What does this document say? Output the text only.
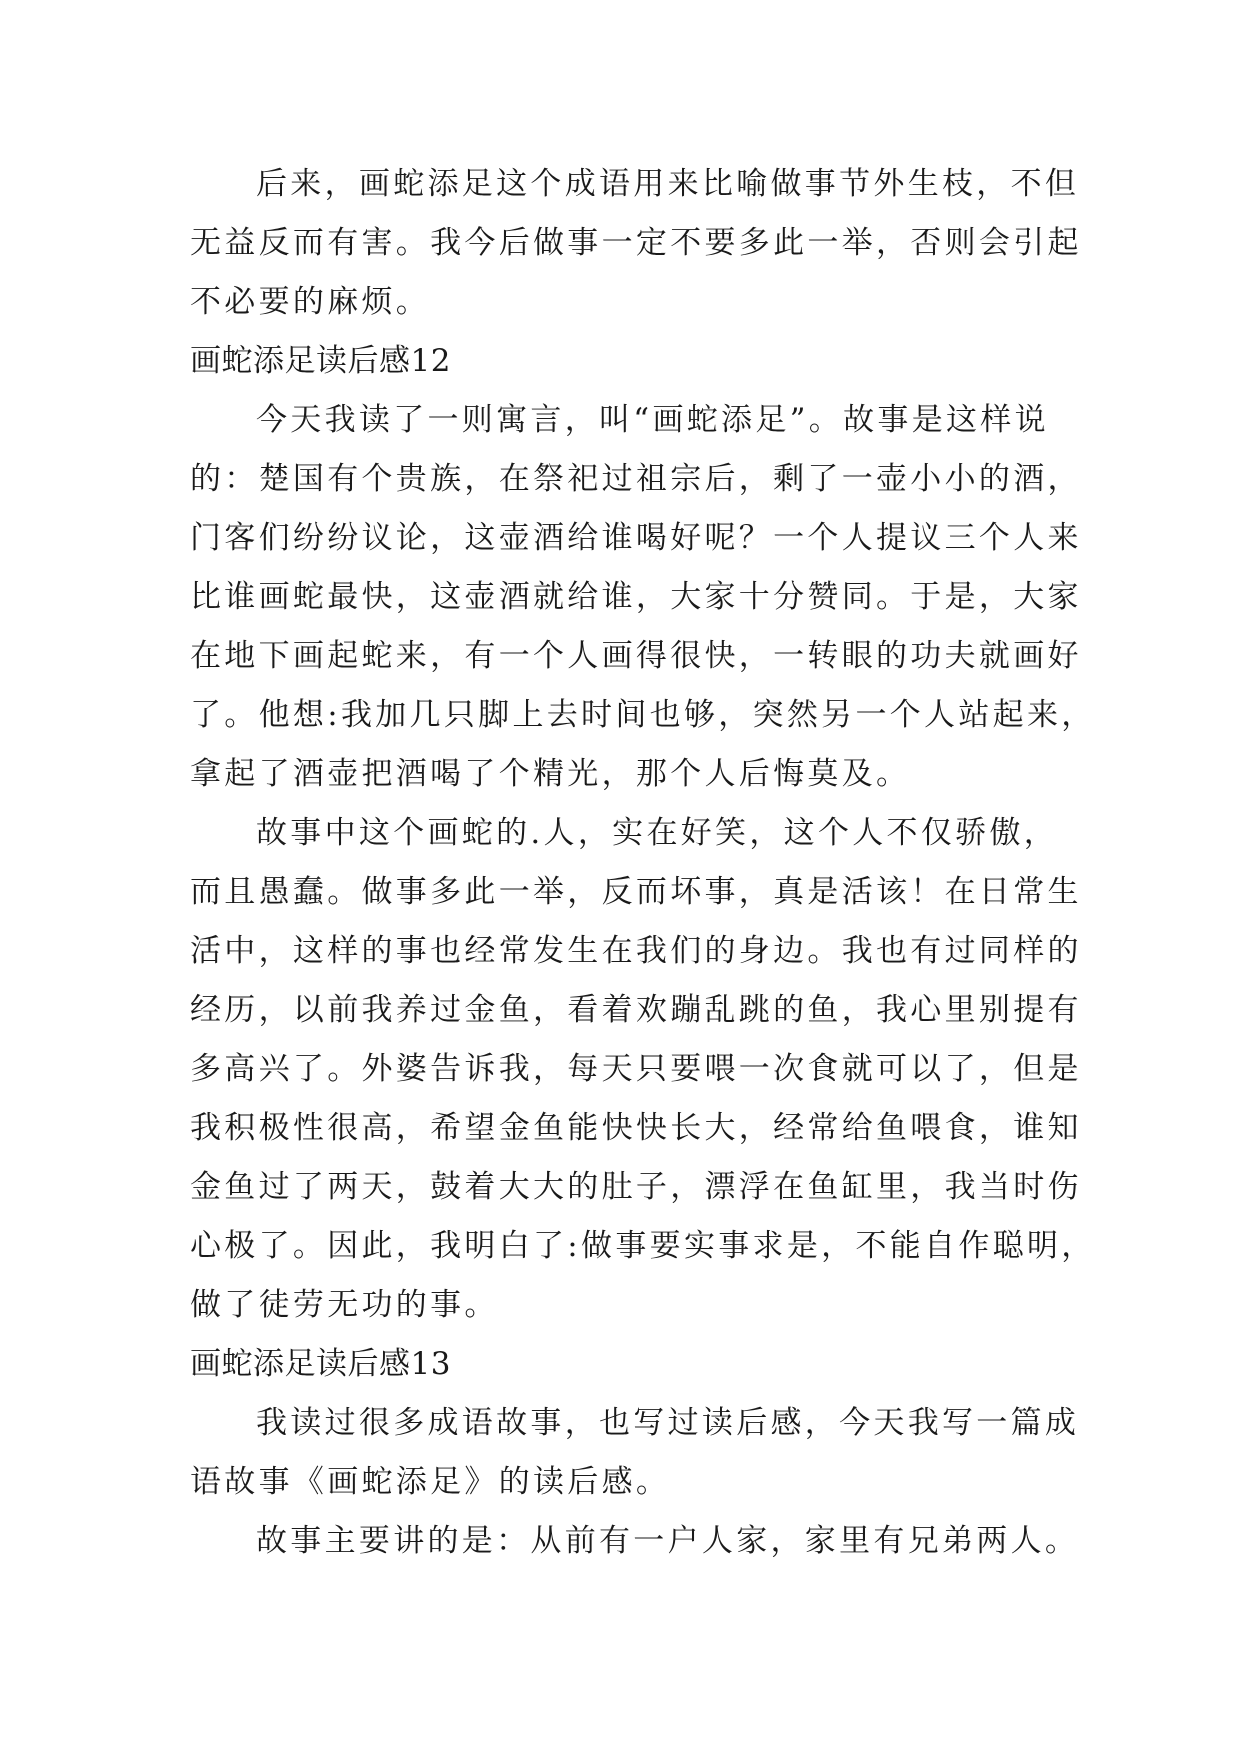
后来，画蛇添足这个成语用来比喻做事节外生枝，不但
无益反而有害。我今后做事一定不要多此一举，否则会引起
不必要的麻烦。
画蛇添足读后感12
今天我读了一则寓言，叫“画蛇添足”。故事是这样说
的：楚国有个贵族，在祭祀过祖宗后，剩了一壶小小的酒，
门客们纷纷议论，这壶酒给谁喝好呢？一个人提议三个人来
比谁画蛇最快，这壶酒就给谁，大家十分赞同。于是，大家
在地下画起蛇来，有一个人画得很快，一转眼的功夫就画好
了。他想:我加几只脚上去时间也够，突然另一个人站起来，
拿起了酒壶把酒喝了个精光，那个人后悔莫及。
故事中这个画蛇的.人，实在好笑，这个人不仅骄傲，
而且愚蠢。做事多此一举，反而坏事，真是活该！在日常生
活中，这样的事也经常发生在我们的身边。我也有过同样的
经历，以前我养过金鱼，看着欢蹦乱跳的鱼，我心里别提有
多高兴了。外婆告诉我，每天只要喂一次食就可以了，但是
我积极性很高，希望金鱼能快快长大，经常给鱼喂食，谁知
金鱼过了两天，鼓着大大的肚子，漂浮在鱼缸里，我当时伤
心极了。因此，我明白了:做事要实事求是，不能自作聪明，
做了徒劳无功的事。
画蛇添足读后感13
我读过很多成语故事，也写过读后感，今天我写一篇成
语故事《画蛇添足》的读后感。
故事主要讲的是：从前有一户人家，家里有兄弟两人。
